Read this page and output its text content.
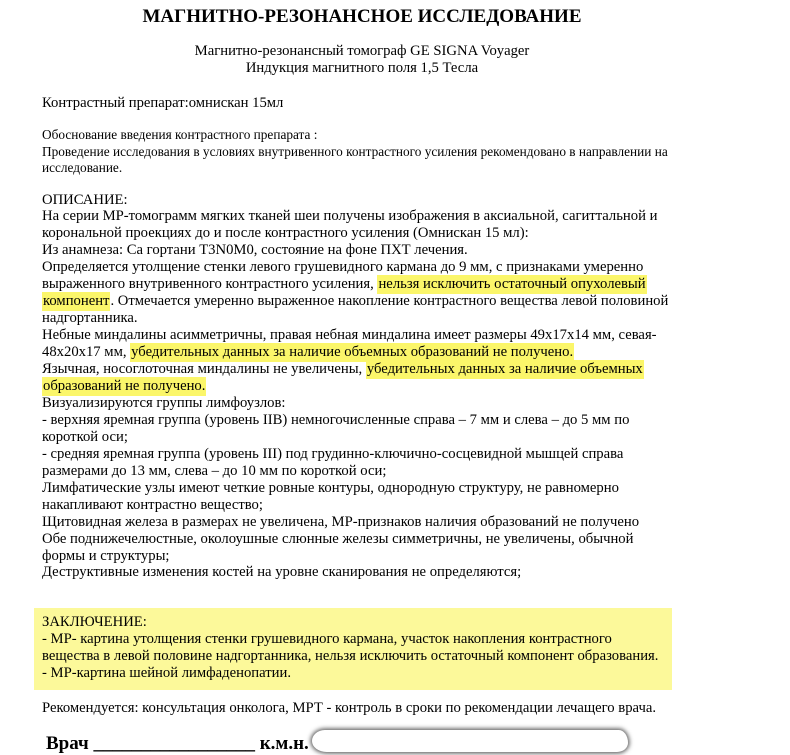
МАГНИТНО-РЕЗОНАНСНОЕ ИССЛЕДОВАНИЕ
Магнитно-резонансный томограф GE SIGNA Voyager
Индукция магнитного поля 1,5 Тесла
Контрастный препарат:омнискан 15мл
Обоснование введения контрастного препарата :
Проведение исследования в условиях внутривенного контрастного усиления рекомендовано в направлении на
исследование.
ОПИСАНИЕ:
На серии МР-томограмм мягких тканей шеи получены изображения в аксиальной, сагиттальной и
корональной проекциях до и после контрастного усиления (Омнискан 15 мл):
Из анамнеза: Ca гортани T3N0M0, состояние на фоне ПХТ лечения.
Определяется утолщение стенки левого грушевидного кармана до 9 мм, с признаками умеренно
выраженного внутривенного контрастного усиления, нельзя исключить остаточный опухолевый
компонент. Отмечается умеренно выраженное накопление контрастного вещества левой половиной
надгортанника.
Небные миндалины асимметричны, правая небная миндалина имеет размеры 49x17x14 мм, севая-
48x20x17 мм, убедительных данных за наличие объемных образований не получено.
Язычная, носоглоточная миндалины не увеличены, убедительных данных за наличие объемных
образований не получено.
Визуализируются группы лимфоузлов:
- верхняя яремная группа (уровень IIB) немногочисленные справа – 7 мм и слева – до 5 мм по
короткой оси;
- средняя яремная группа (уровень III) под грудинно-ключично-сосцевидной мышцей справа
размерами до 13 мм, слева – до 10 мм по короткой оси;
Лимфатические узлы имеют четкие ровные контуры, однородную структуру, не равномерно
накапливают контрастно вещество;
Щитовидная железа в размерах не увеличена, МР-признаков наличия образований не получено
Обе поднижечелюстные, околоушные слюнные железы симметричны, не увеличены, обычной
формы и структуры;
Деструктивные изменения костей на уровне сканирования не определяются;
ЗАКЛЮЧЕНИЕ:
- МР- картина утолщения стенки грушевидного кармана, участок накопления контрастного
вещества в левой половине надгортанника, нельзя исключить остаточный компонент образования.
- МР-картина шейной лимфаденопатии.
Рекомендуется: консультация онколога, МРТ - контроль в сроки по рекомендации лечащего врача.
Врач _________________ к.м.н.
